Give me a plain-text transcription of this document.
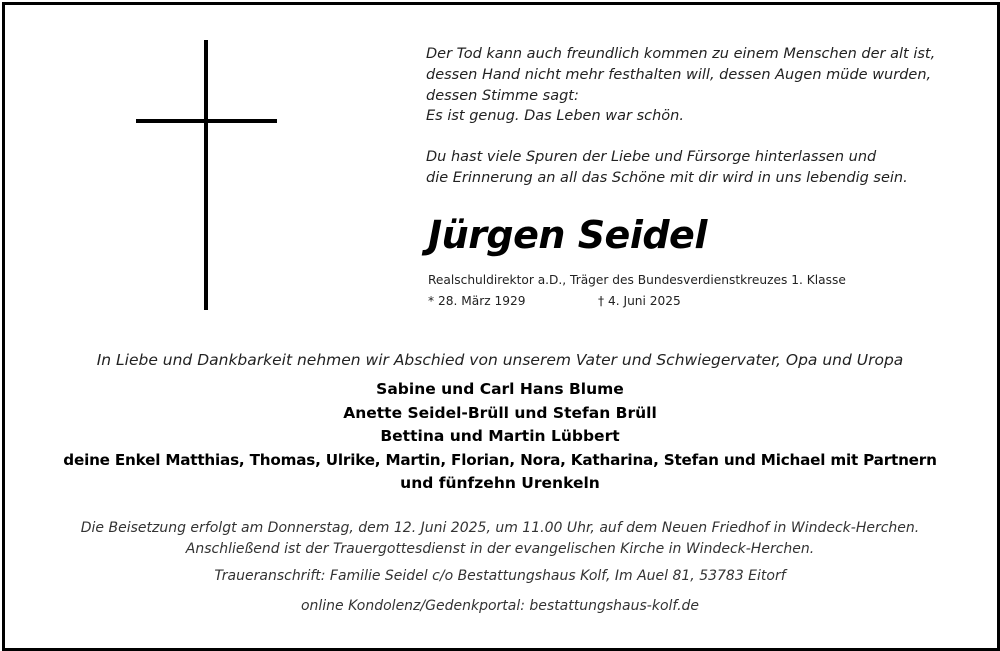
Der Tod kann auch freundlich kommen zu einem Menschen der alt ist,

dessen Hand nicht mehr festhalten will, dessen Augen müde wurden,

dessen Stimme sagt:

Es ist genug. Das Leben war schön.

Du hast viele Spuren der Liebe und Fürsorge hinterlassen und

die Erinnerung an all das Schöne mit dir wird in uns lebendig sein.

Jürgen Seidel
Realschuldirektor a.D., Träger des Bundesverdienstkreuzes 1. Klasse
* 28. März 1929	† 4. Juni 2025
In Liebe und Dankbarkeit nehmen wir Abschied von unserem Vater und Schwiegervater, Opa und Uropa
Sabine und Carl Hans Blume
Anette Seidel-Brüll und Stefan Brüll
Bettina und Martin Lübbert
deine Enkel Matthias, Thomas, Ulrike, Martin, Florian, Nora, Katharina, Stefan und Michael mit Partnern
und fünfzehn Urenkeln
Die Beisetzung erfolgt am Donnerstag, dem 12. Juni 2025, um 11.00 Uhr, auf dem Neuen Friedhof in Windeck-Herchen.
Anschließend ist der Trauergottesdienst in der evangelischen Kirche in Windeck-Herchen.
Traueranschrift: Familie Seidel c/o Bestattungshaus Kolf, Im Auel 81, 53783 Eitorf
online Kondolenz/Gedenkportal: bestattungshaus-kolf.de
